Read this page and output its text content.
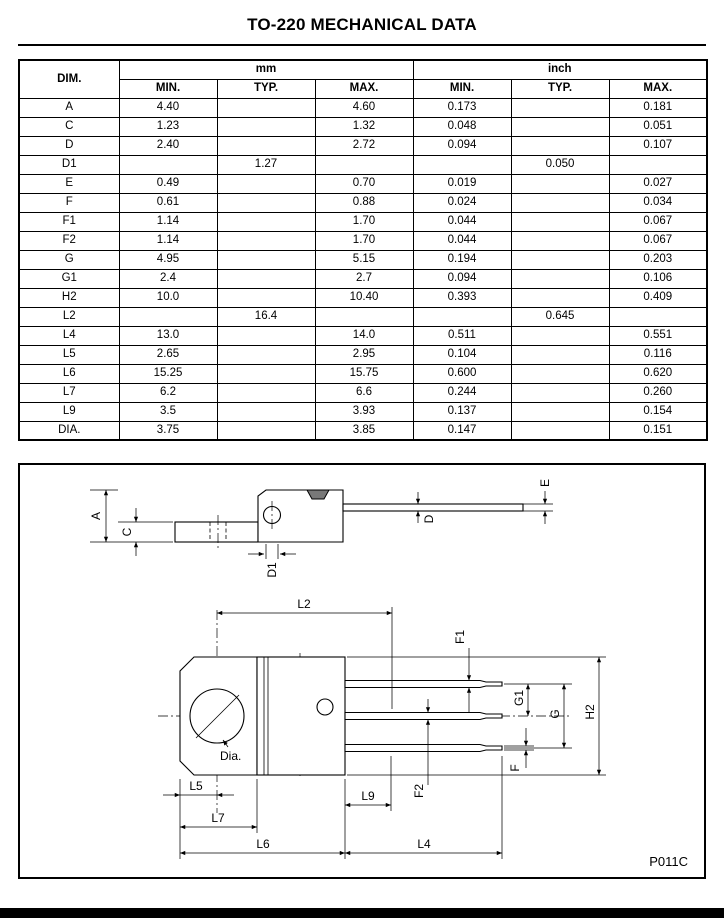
TO-220 MECHANICAL DATA
DIM.	mm			inch		
	MIN.	TYP.	MAX.	MIN.	TYP.	MAX.
A	4.40		4.60	0.173		0.181
C	1.23		1.32	0.048		0.051
D	2.40		2.72	0.094		0.107
D1		1.27			0.050	
E	0.49		0.70	0.019		0.027
F	0.61		0.88	0.024		0.034
F1	1.14		1.70	0.044		0.067
F2	1.14		1.70	0.044		0.067
G	4.95		5.15	0.194		0.203
G1	2.4		2.7	0.094		0.106
H2	10.0		10.40	0.393		0.409
L2		16.4			0.645	
L4	13.0		14.0	0.511		0.551
L5	2.65		2.95	0.104		0.116
L6	15.25		15.75	0.600		0.620
L7	6.2		6.6	0.244		0.260
L9	3.5		3.93	0.137		0.154
DIA.	3.75		3.85	0.147		0.151
A
C
D1
D
E
Dia.
L2
F1
G1
G H2
F
F2
L5
L7
L9
L6	L4
P011C
